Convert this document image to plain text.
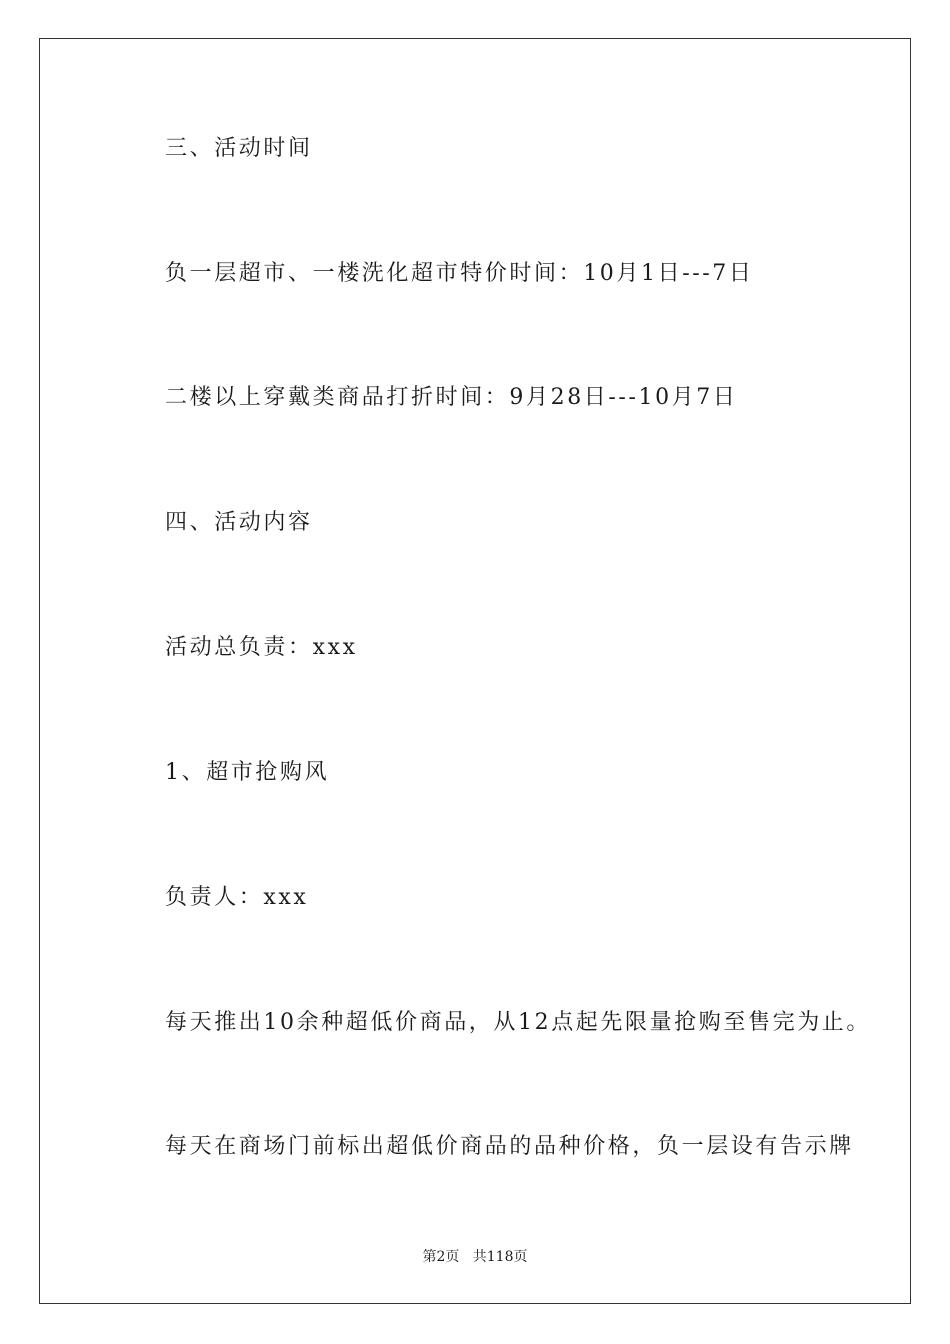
三、活动时间
负一层超市、一楼洗化超市特价时间：10月1日---7日
二楼以上穿戴类商品打折时间：9月28日---10月7日
四、活动内容
活动总负责：xxx
1、超市抢购风
负责人：xxx
每天推出10余种超低价商品，从12点起先限量抢购至售完为止。
每天在商场门前标出超低价商品的品种价格，负一层设有告示牌
第2页   共118页
